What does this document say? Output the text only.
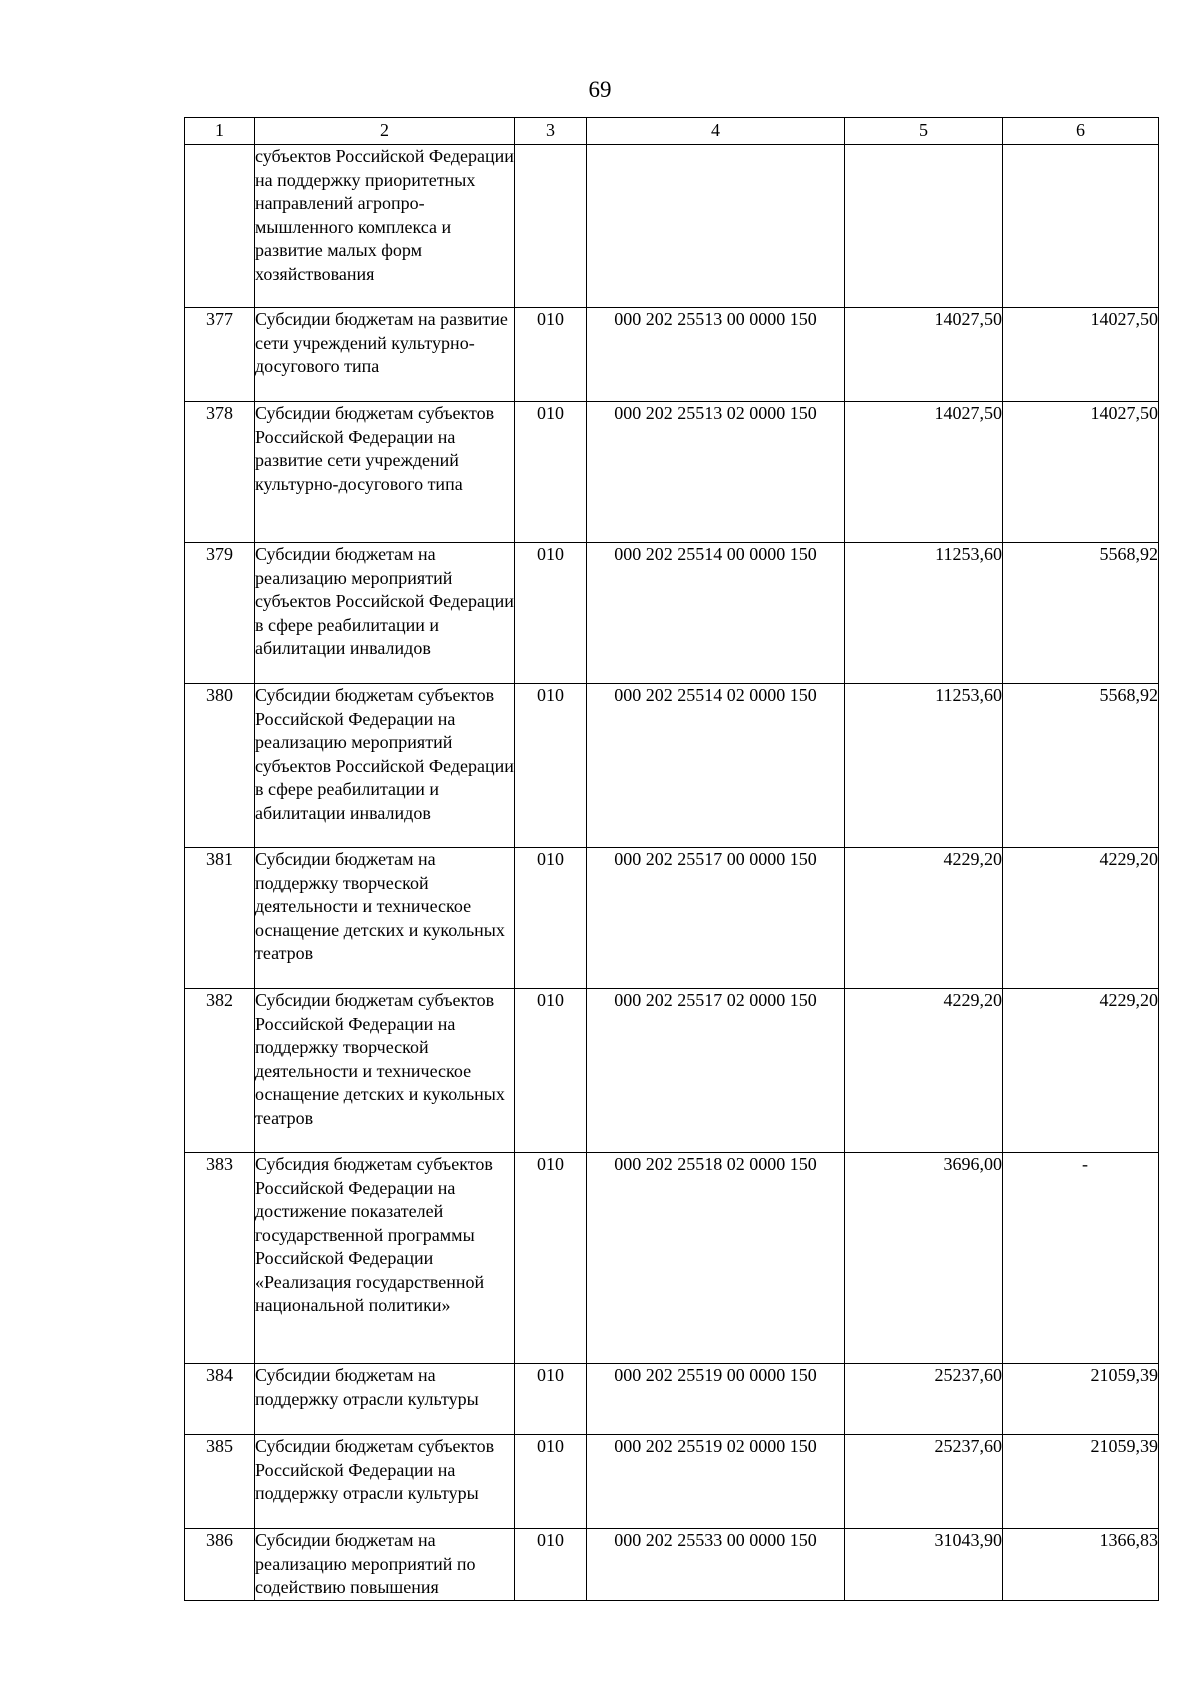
69
1	2	3	4	5	6
	субъектов Российской Федерации на поддержку приоритетных направлений агропро-мышленного комплекса и развитие малых форм хозяйствования				
377	Субсидии бюджетам на развитие сети учреждений культурно-досугового типа	010	000 202 25513 00 0000 150	14027,50	14027,50
378	Субсидии бюджетам субъектов Российской Федерации на развитие сети учреждений культурно-досугового типа	010	000 202 25513 02 0000 150	14027,50	14027,50
379	Субсидии бюджетам на реализацию мероприятий субъектов Российской Федерации в сфере реабилитации и абилитации инвалидов	010	000 202 25514 00 0000 150	11253,60	5568,92
380	Субсидии бюджетам субъектов Российской Федерации на реализацию мероприятий субъектов Российской Федерации в сфере реабилитации и абилитации инвалидов	010	000 202 25514 02 0000 150	11253,60	5568,92
381	Субсидии бюджетам на поддержку творческой деятельности и техническое оснащение детских и кукольных театров	010	000 202 25517 00 0000 150	4229,20	4229,20
382	Субсидии бюджетам субъектов Российской Федерации на поддержку творческой деятельности и техническое оснащение детских и кукольных театров	010	000 202 25517 02 0000 150	4229,20	4229,20
383	Субсидия бюджетам субъектов Российской Федерации на достижение показателей государственной программы Российской Федерации «Реализация государственной национальной политики»	010	000 202 25518 02 0000 150	3696,00	-
384	Субсидии бюджетам на поддержку отрасли культуры	010	000 202 25519 00 0000 150	25237,60	21059,39
385	Субсидии бюджетам субъектов Российской Федерации на поддержку отрасли культуры	010	000 202 25519 02 0000 150	25237,60	21059,39
386	Субсидии бюджетам на реализацию мероприятий по содействию повышения	010	000 202 25533 00 0000 150	31043,90	1366,83
